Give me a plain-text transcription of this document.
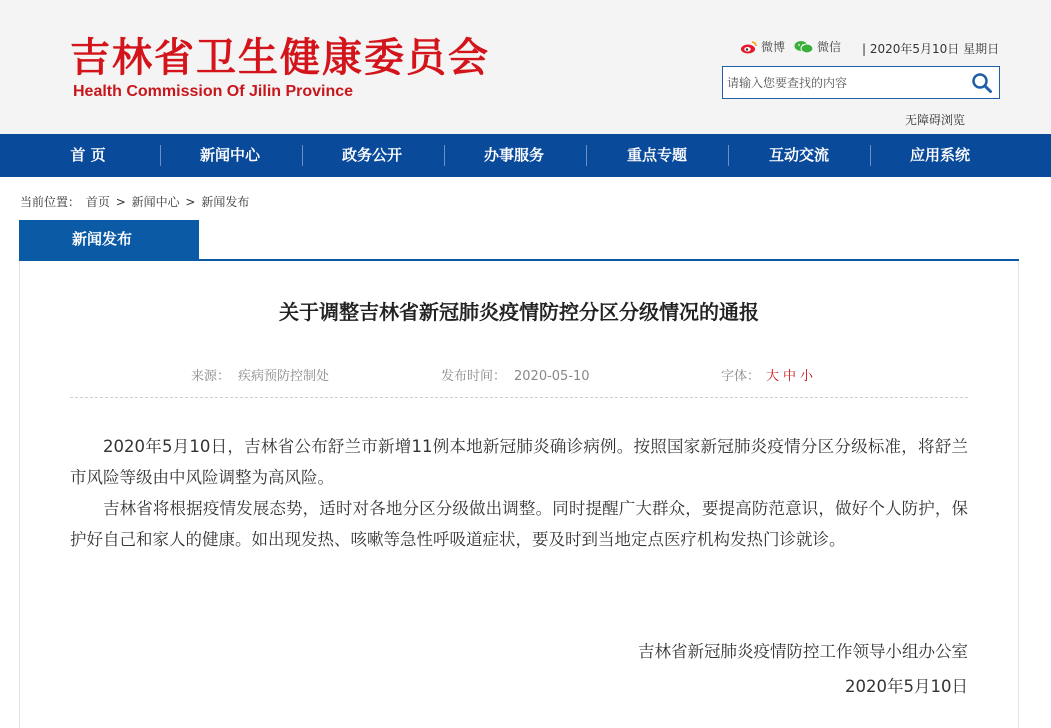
吉林省卫生健康委员会
Health Commission Of Jilin Province
微博	微信 | 2020年5月10日 星期日
请输入您要查找的内容
无障碍浏览
首 页	新闻中心	政务公开	办事服务	重点专题	互动交流	应用系统
当前位置： 首页 > 新闻中心 > 新闻发布
新闻发布
关于调整吉林省新冠肺炎疫情防控分区分级情况的通报
来源： 疾病预防控制处	发布时间： 2020-05-10	字体： 大 中 小

2020年5月10日，吉林省公布舒兰市新增11例本地新冠肺炎确诊病例。按照国家新冠肺炎疫情分区分级标准，将舒兰市风险等级由中风险调整为高风险。

吉林省将根据疫情发展态势，适时对各地分区分级做出调整。同时提醒广大群众，要提高防范意识，做好个人防护，保护好自己和家人的健康。如出现发热、咳嗽等急性呼吸道症状，要及时到当地定点医疗机构发热门诊就诊。

吉林省新冠肺炎疫情防控工作领导小组办公室
2020年5月10日
